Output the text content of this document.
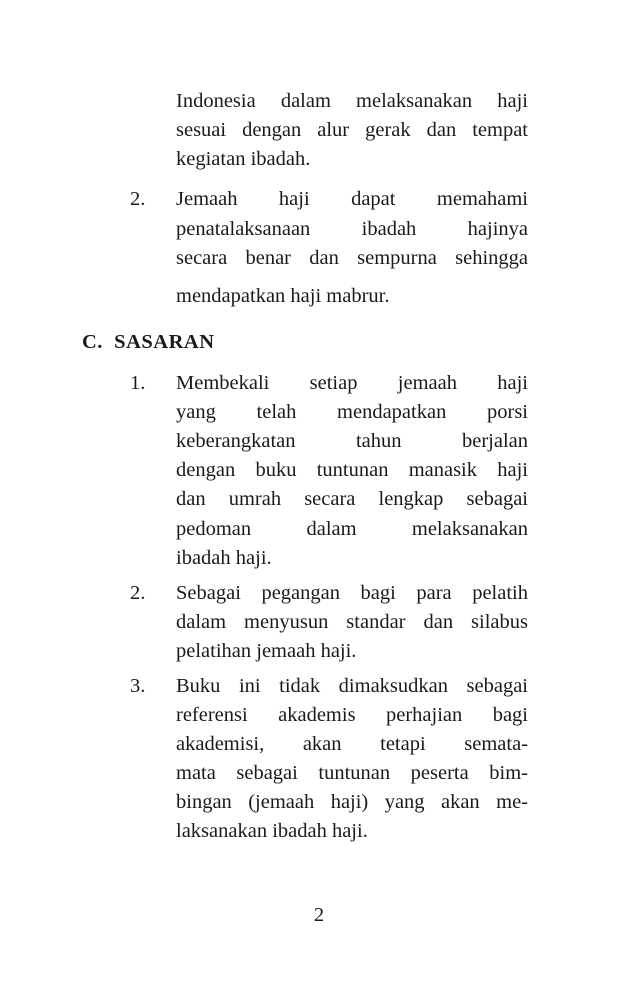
Indonesia dalam melaksanakan haji
sesuai dengan alur gerak dan tempat
kegiatan ibadah.
2. Jemaah haji dapat memahami
penatalaksanaan ibadah hajinya
secara benar dan sempurna sehingga
mendapatkan haji mabrur.
C.  SASARAN
1. Membekali setiap jemaah haji
yang telah mendapatkan porsi
keberangkatan tahun berjalan
dengan buku tuntunan manasik haji
dan umrah secara lengkap sebagai
pedoman dalam melaksanakan
ibadah haji.
2. Sebagai pegangan bagi para pelatih
dalam menyusun standar dan silabus
pelatihan jemaah haji.
3. Buku ini tidak dimaksudkan sebagai
referensi akademis perhajian bagi
akademisi, akan tetapi semata-
mata sebagai tuntunan peserta bim-
bingan (jemaah haji) yang akan me-
laksanakan ibadah haji.
2
